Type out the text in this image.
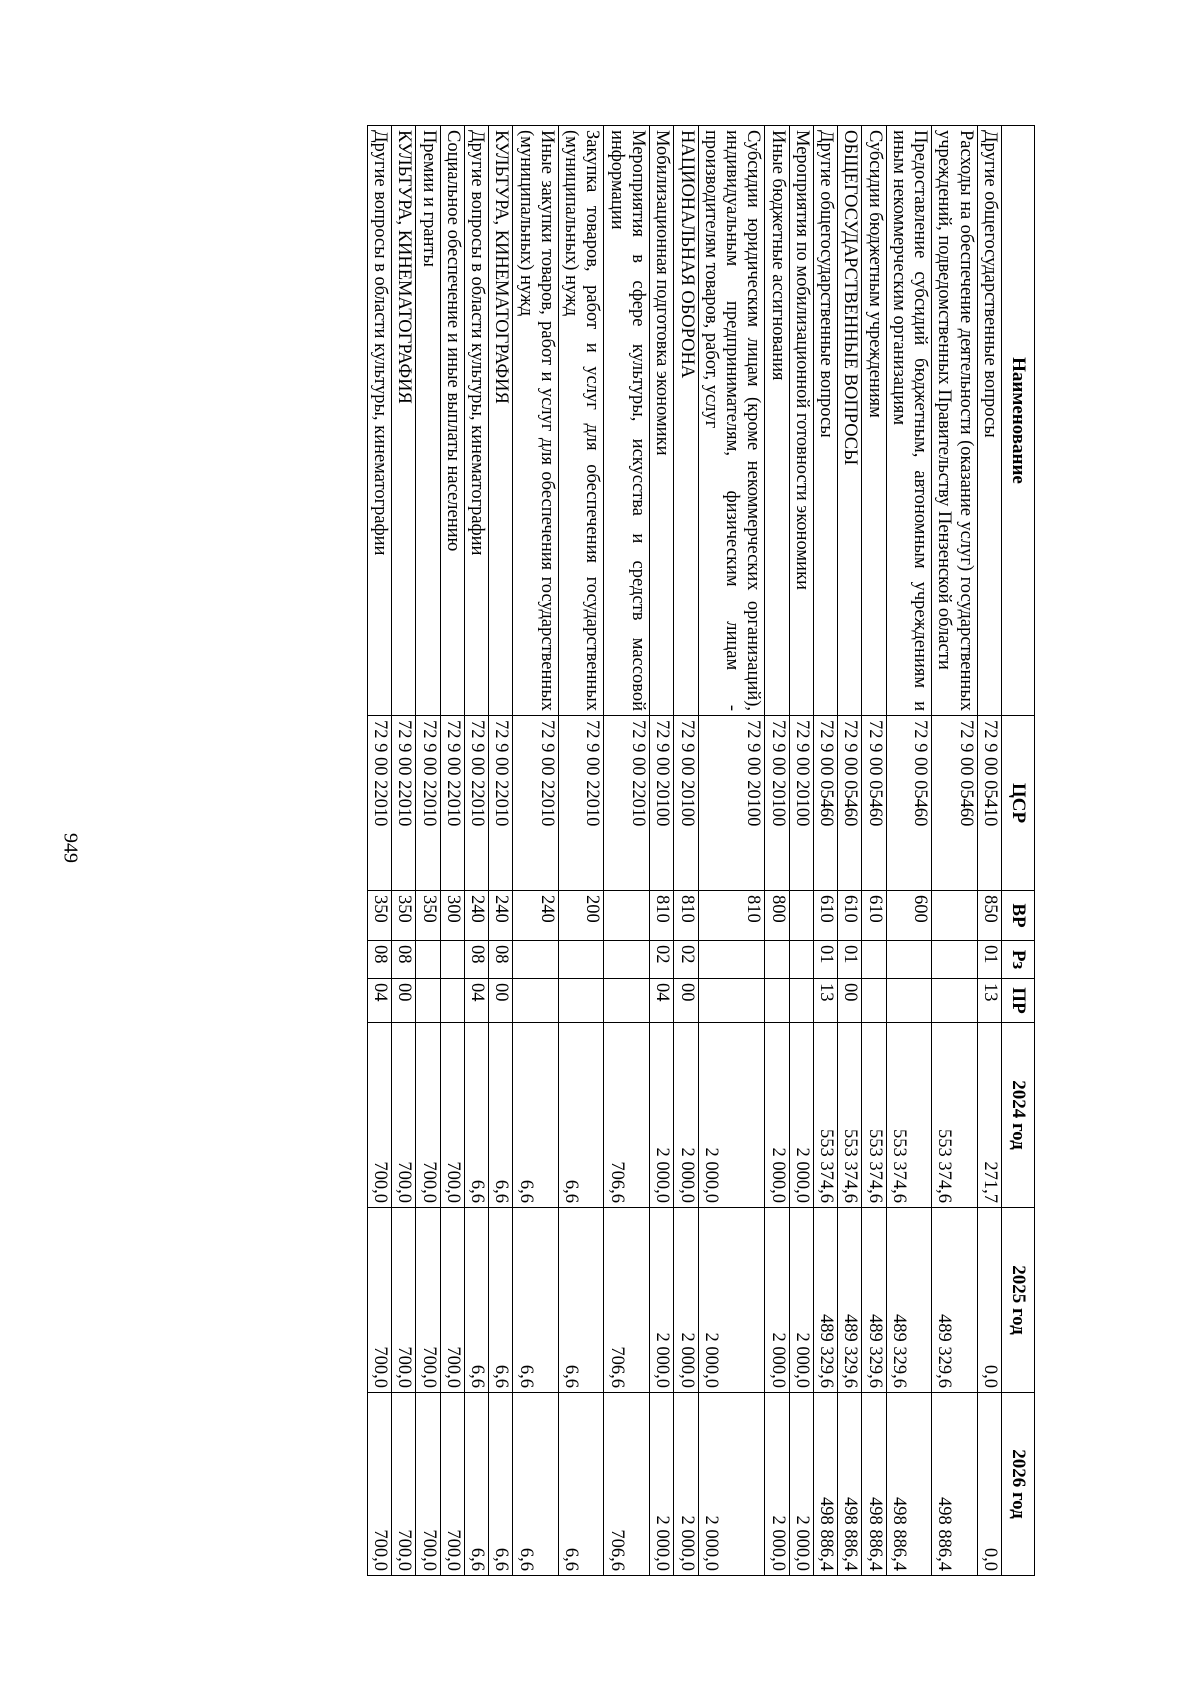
949
Наименование	ЦСР	ВР	Рз	ПР	2024 год	2025 год	2026 год
Другие общегосударственные вопросы	72 9 00 05410	850	01	13	271,7	0,0	0,0
Расходы на обеспечение деятельности (оказание услуг) государственных учреждений, подведомственных Правительству Пензенской области	72 9 00 05460				553 374,6	489 329,6	498 886,4
Предоставление субсидий бюджетным, автономным учреждениям и иным некоммерческим организациям	72 9 00 05460	600			553 374,6	489 329,6	498 886,4
Субсидии бюджетным учреждениям	72 9 00 05460	610			553 374,6	489 329,6	498 886,4
ОБЩЕГОСУДАРСТВЕННЫЕ ВОПРОСЫ	72 9 00 05460	610	01	00	553 374,6	489 329,6	498 886,4
Другие общегосударственные вопросы	72 9 00 05460	610	01	13	553 374,6	489 329,6	498 886,4
Мероприятия по мобилизационной готовности экономики	72 9 00 20100				2 000,0	2 000,0	2 000,0
Иные бюджетные ассигнования	72 9 00 20100	800			2 000,0	2 000,0	2 000,0
Субсидии юридическим лицам (кроме некоммерческих организаций), индивидуальным предпринимателям, физическим лицам - производителям товаров, работ, услуг	72 9 00 20100	810			2 000,0	2 000,0	2 000,0
НАЦИОНАЛЬНАЯ ОБОРОНА	72 9 00 20100	810	02	00	2 000,0	2 000,0	2 000,0
Мобилизационная подготовка экономики	72 9 00 20100	810	02	04	2 000,0	2 000,0	2 000,0
Мероприятия в сфере культуры, искусства и средств массовой информации	72 9 00 22010				706,6	706,6	706,6
Закупка товаров, работ и услуг для обеспечения государственных (муниципальных) нужд	72 9 00 22010	200			6,6	6,6	6,6
Иные закупки товаров, работ и услуг для обеспечения государственных (муниципальных) нужд	72 9 00 22010	240			6,6	6,6	6,6
КУЛЬТУРА, КИНЕМАТОГРАФИЯ	72 9 00 22010	240	08	00	6,6	6,6	6,6
Другие вопросы в области культуры, кинематографии	72 9 00 22010	240	08	04	6,6	6,6	6,6
Социальное обеспечение и иные выплаты населению	72 9 00 22010	300			700,0	700,0	700,0
Премии и гранты	72 9 00 22010	350			700,0	700,0	700,0
КУЛЬТУРА, КИНЕМАТОГРАФИЯ	72 9 00 22010	350	08	00	700,0	700,0	700,0
Другие вопросы в области культуры, кинематографии	72 9 00 22010	350	08	04	700,0	700,0	700,0
